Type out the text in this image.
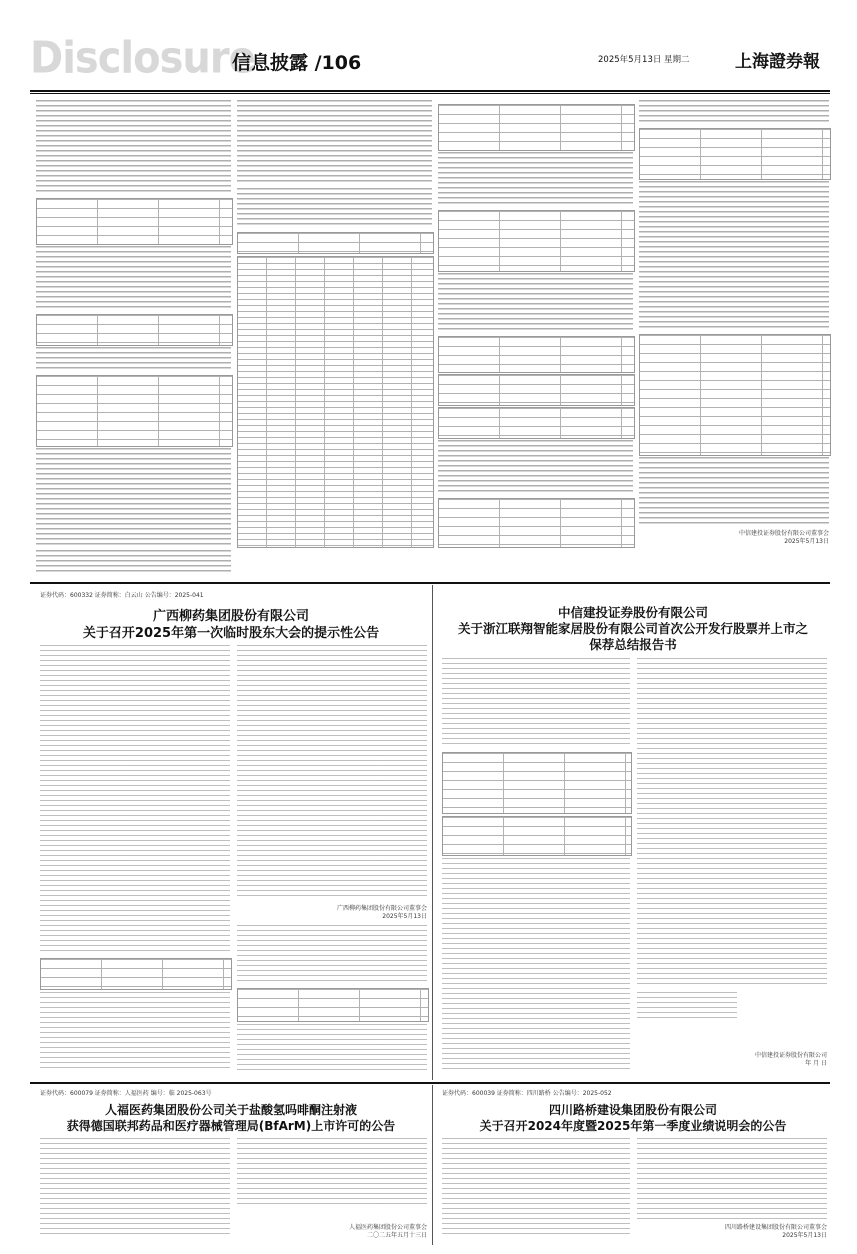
Disclosure
信息披露 /106	2025年5月13日 星期二	上海證券報
中信建投证券股份有限公司董事会
2025年5月13日
证券代码：600332 证券简称：白云山 公告编号：2025-041
广西柳药集团股份有限公司
关于召开2025年第一次临时股东大会的提示性公告
广西柳药集团股份有限公司董事会
2025年5月13日
中信建投证券股份有限公司
关于浙江联翔智能家居股份有限公司首次公开发行股票并上市之
保荐总结报告书
中信建投证券股份有限公司
年 月 日
证券代码：600079 证券简称：人福医药 编号：临 2025-063号
人福医药集团股份公司关于盐酸氢吗啡酮注射液
获得德国联邦药品和医疗器械管理局(BfArM)上市许可的公告
人福医药集团股份公司董事会
二〇二五年五月十三日
证券代码：600039 证券简称：四川路桥 公告编号：2025-052
四川路桥建设集团股份有限公司
关于召开2024年度暨2025年第一季度业绩说明会的公告
四川路桥建设集团股份有限公司董事会
2025年5月13日
